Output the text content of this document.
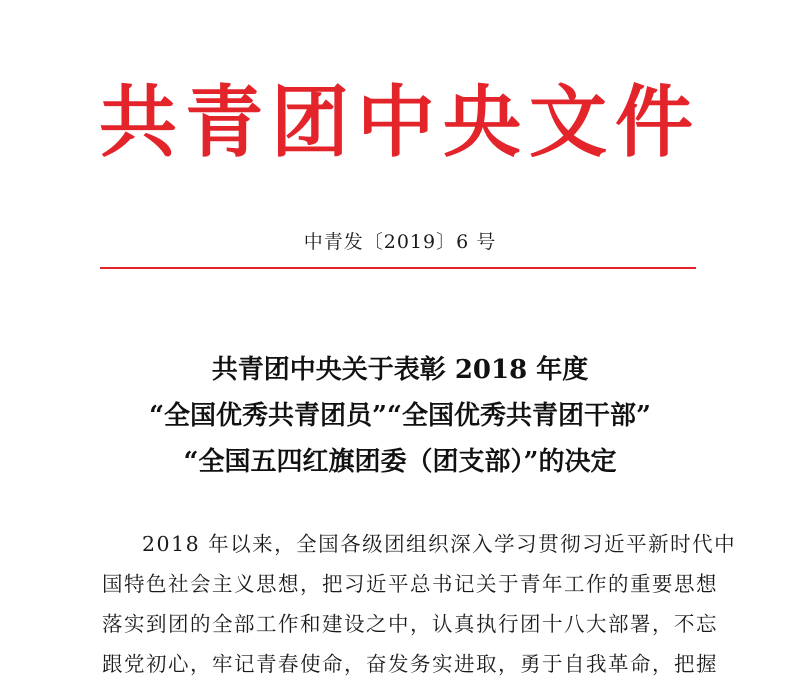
共青团中央文件
中青发〔2019〕6 号
共青团中央关于表彰 2018 年度
“全国优秀共青团员”“全国优秀共青团干部”
“全国五四红旗团委（团支部）”的决定
2018 年以来，全国各级团组织深入学习贯彻习近平新时代中
国特色社会主义思想，把习近平总书记关于青年工作的重要思想
落实到团的全部工作和建设之中，认真执行团十八大部署，不忘
跟党初心，牢记青春使命，奋发务实进取，勇于自我革命，把握
